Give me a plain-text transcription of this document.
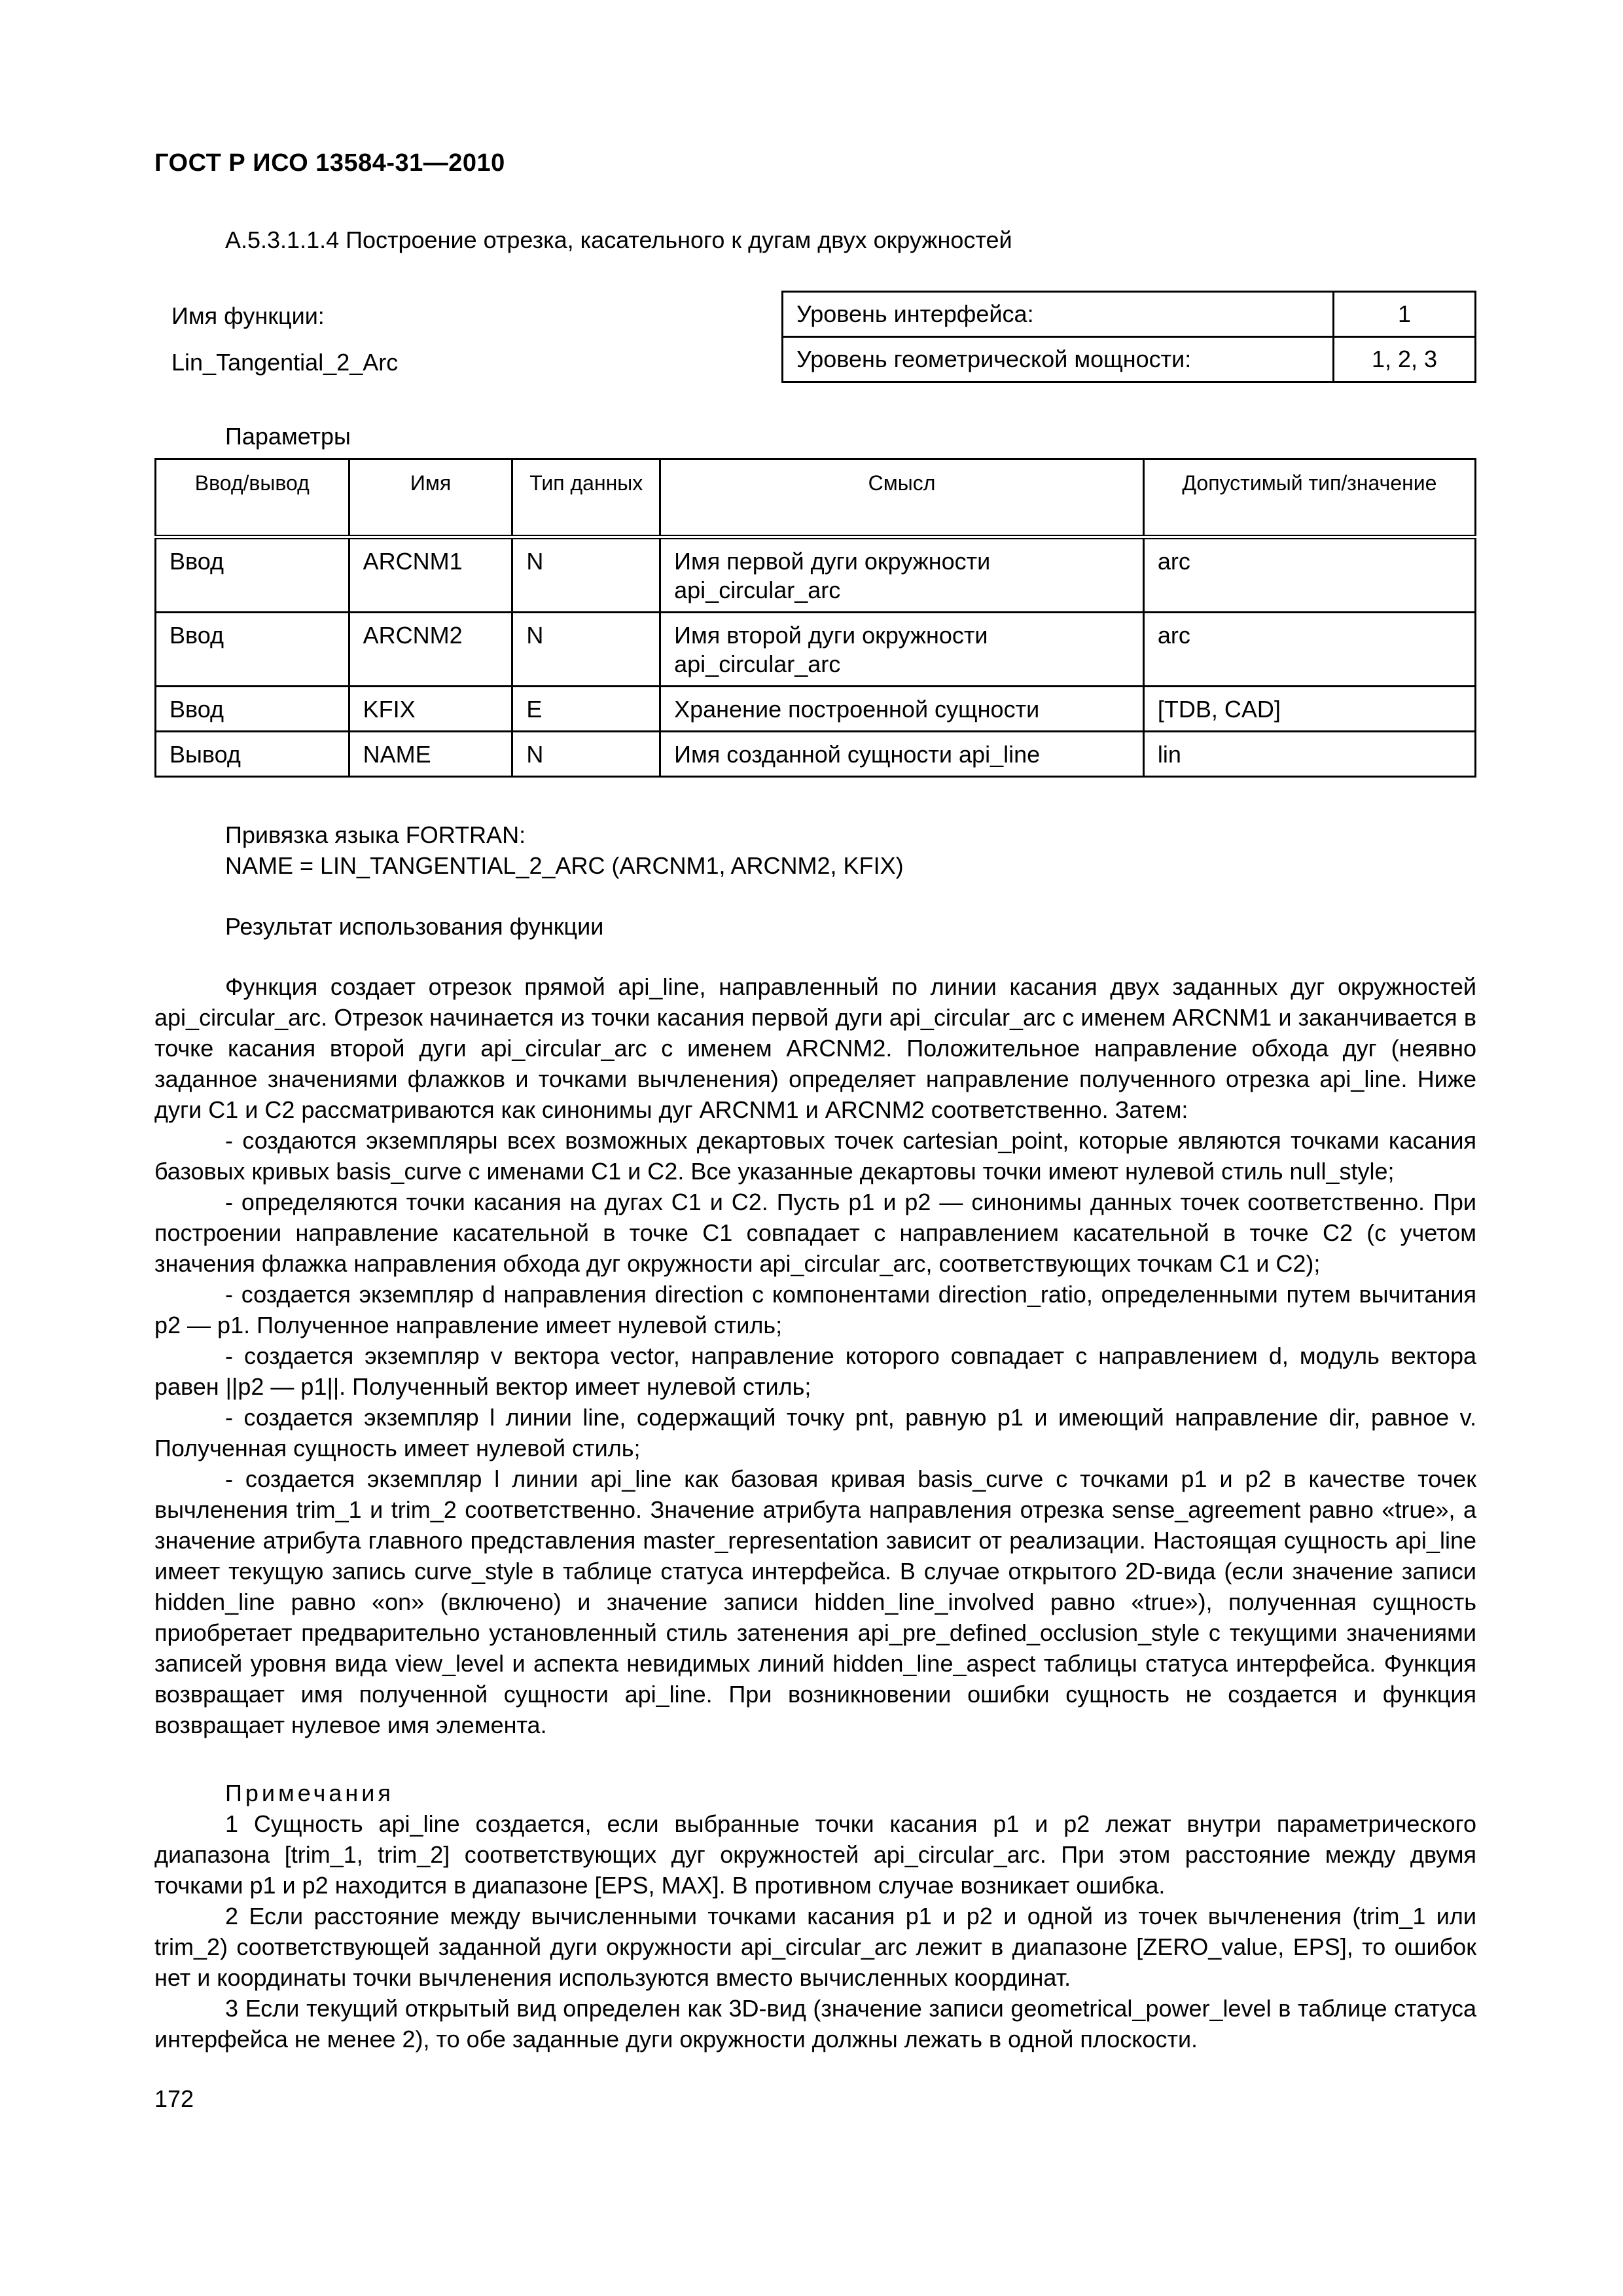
ГОСТ Р ИСО 13584-31—2010
A.5.3.1.1.4 Построение отрезка, касательного к дугам двух окружностей
Имя функции:
Lin_Tangential_2_Arc
Уровень интерфейса:	1
Уровень геометрической мощности:	1, 2, 3
Параметры
Ввод/вывод	Имя	Тип данных	Смысл	Допустимый тип/значение
Ввод	ARCNM1	N	Имя первой дуги окружности api_circular_arc	arc
Ввод	ARCNM2	N	Имя второй дуги окружности api_circular_arc	arc
Ввод	KFIX	E	Хранение построенной сущности	[TDB, CAD]
Вывод	NAME	N	Имя созданной сущности api_line	lin

Привязка языка FORTRAN:

NAME = LIN_TANGENTIAL_2_ARC (ARCNM1, ARCNM2, KFIX)

Результат использования функции

Функция создает отрезок прямой api_line, направленный по линии касания двух заданных дуг окружностей api_circular_arc. Отрезок начинается из точки касания первой дуги api_circular_arc с именем ARCNM1 и заканчивается в точке касания второй дуги api_circular_arc с именем ARCNM2. Положительное направление обхода дуг (неявно заданное значениями флажков и точками вычленения) определяет направление полученного отрезка api_line. Ниже дуги C1 и C2 рассматриваются как синонимы дуг ARCNM1 и ARCNM2 соответственно. Затем:

- создаются экземпляры всех возможных декартовых точек cartesian_point, которые являются точками касания базовых кривых basis_curve с именами C1 и C2. Все указанные декартовы точки имеют нулевой стиль null_style;

- определяются точки касания на дугах C1 и C2. Пусть p1 и p2 — синонимы данных точек соответственно. При построении направление касательной в точке C1 совпадает с направлением касательной в точке C2 (с учетом значения флажка направления обхода дуг окружности api_circular_arc, соответствующих точкам C1 и C2);

- создается экземпляр d направления direction с компонентами direction_ratio, определенными путем вычитания p2 — p1. Полученное направление имеет нулевой стиль;

- создается экземпляр v вектора vector, направление которого совпадает с направлением d, модуль вектора равен ||p2 — p1||. Полученный вектор имеет нулевой стиль;

- создается экземпляр l линии line, содержащий точку pnt, равную p1 и имеющий направление dir, равное v. Полученная сущность имеет нулевой стиль;

- создается экземпляр l линии api_line как базовая кривая basis_curve с точками p1 и p2 в качестве точек вычленения trim_1 и trim_2 соответственно. Значение атрибута направления отрезка sense_agreement равно «true», а значение атрибута главного представления master_representation зависит от реализации. Настоящая сущность api_line имеет текущую запись curve_style в таблице статуса интерфейса. В случае открытого 2D-вида (если значение записи hidden_line равно «on» (включено) и значение записи hidden_line_involved равно «true»), полученная сущность приобретает предварительно установленный стиль затенения api_pre_defined_occlusion_style с текущими значениями записей уровня вида view_level и аспекта невидимых линий hidden_line_aspect таблицы статуса интерфейса. Функция возвращает имя полученной сущности api_line. При возникновении ошибки сущность не создается и функция возвращает нулевое имя элемента.

Примечания

1 Сущность api_line создается, если выбранные точки касания p1 и p2 лежат внутри параметрического диапазона [trim_1, trim_2] соответствующих дуг окружностей api_circular_arc. При этом расстояние между двумя точками p1 и p2 находится в диапазоне [EPS, MAX]. В противном случае возникает ошибка.

2 Если расстояние между вычисленными точками касания p1 и p2 и одной из точек вычленения (trim_1 или trim_2) соответствующей заданной дуги окружности api_circular_arc лежит в диапазоне [ZERO_value, EPS], то ошибок нет и координаты точки вычленения используются вместо вычисленных координат.

3 Если текущий открытый вид определен как 3D-вид (значение записи geometrical_power_level в таблице статуса интерфейса не менее 2), то обе заданные дуги окружности должны лежать в одной плоскости.

172
